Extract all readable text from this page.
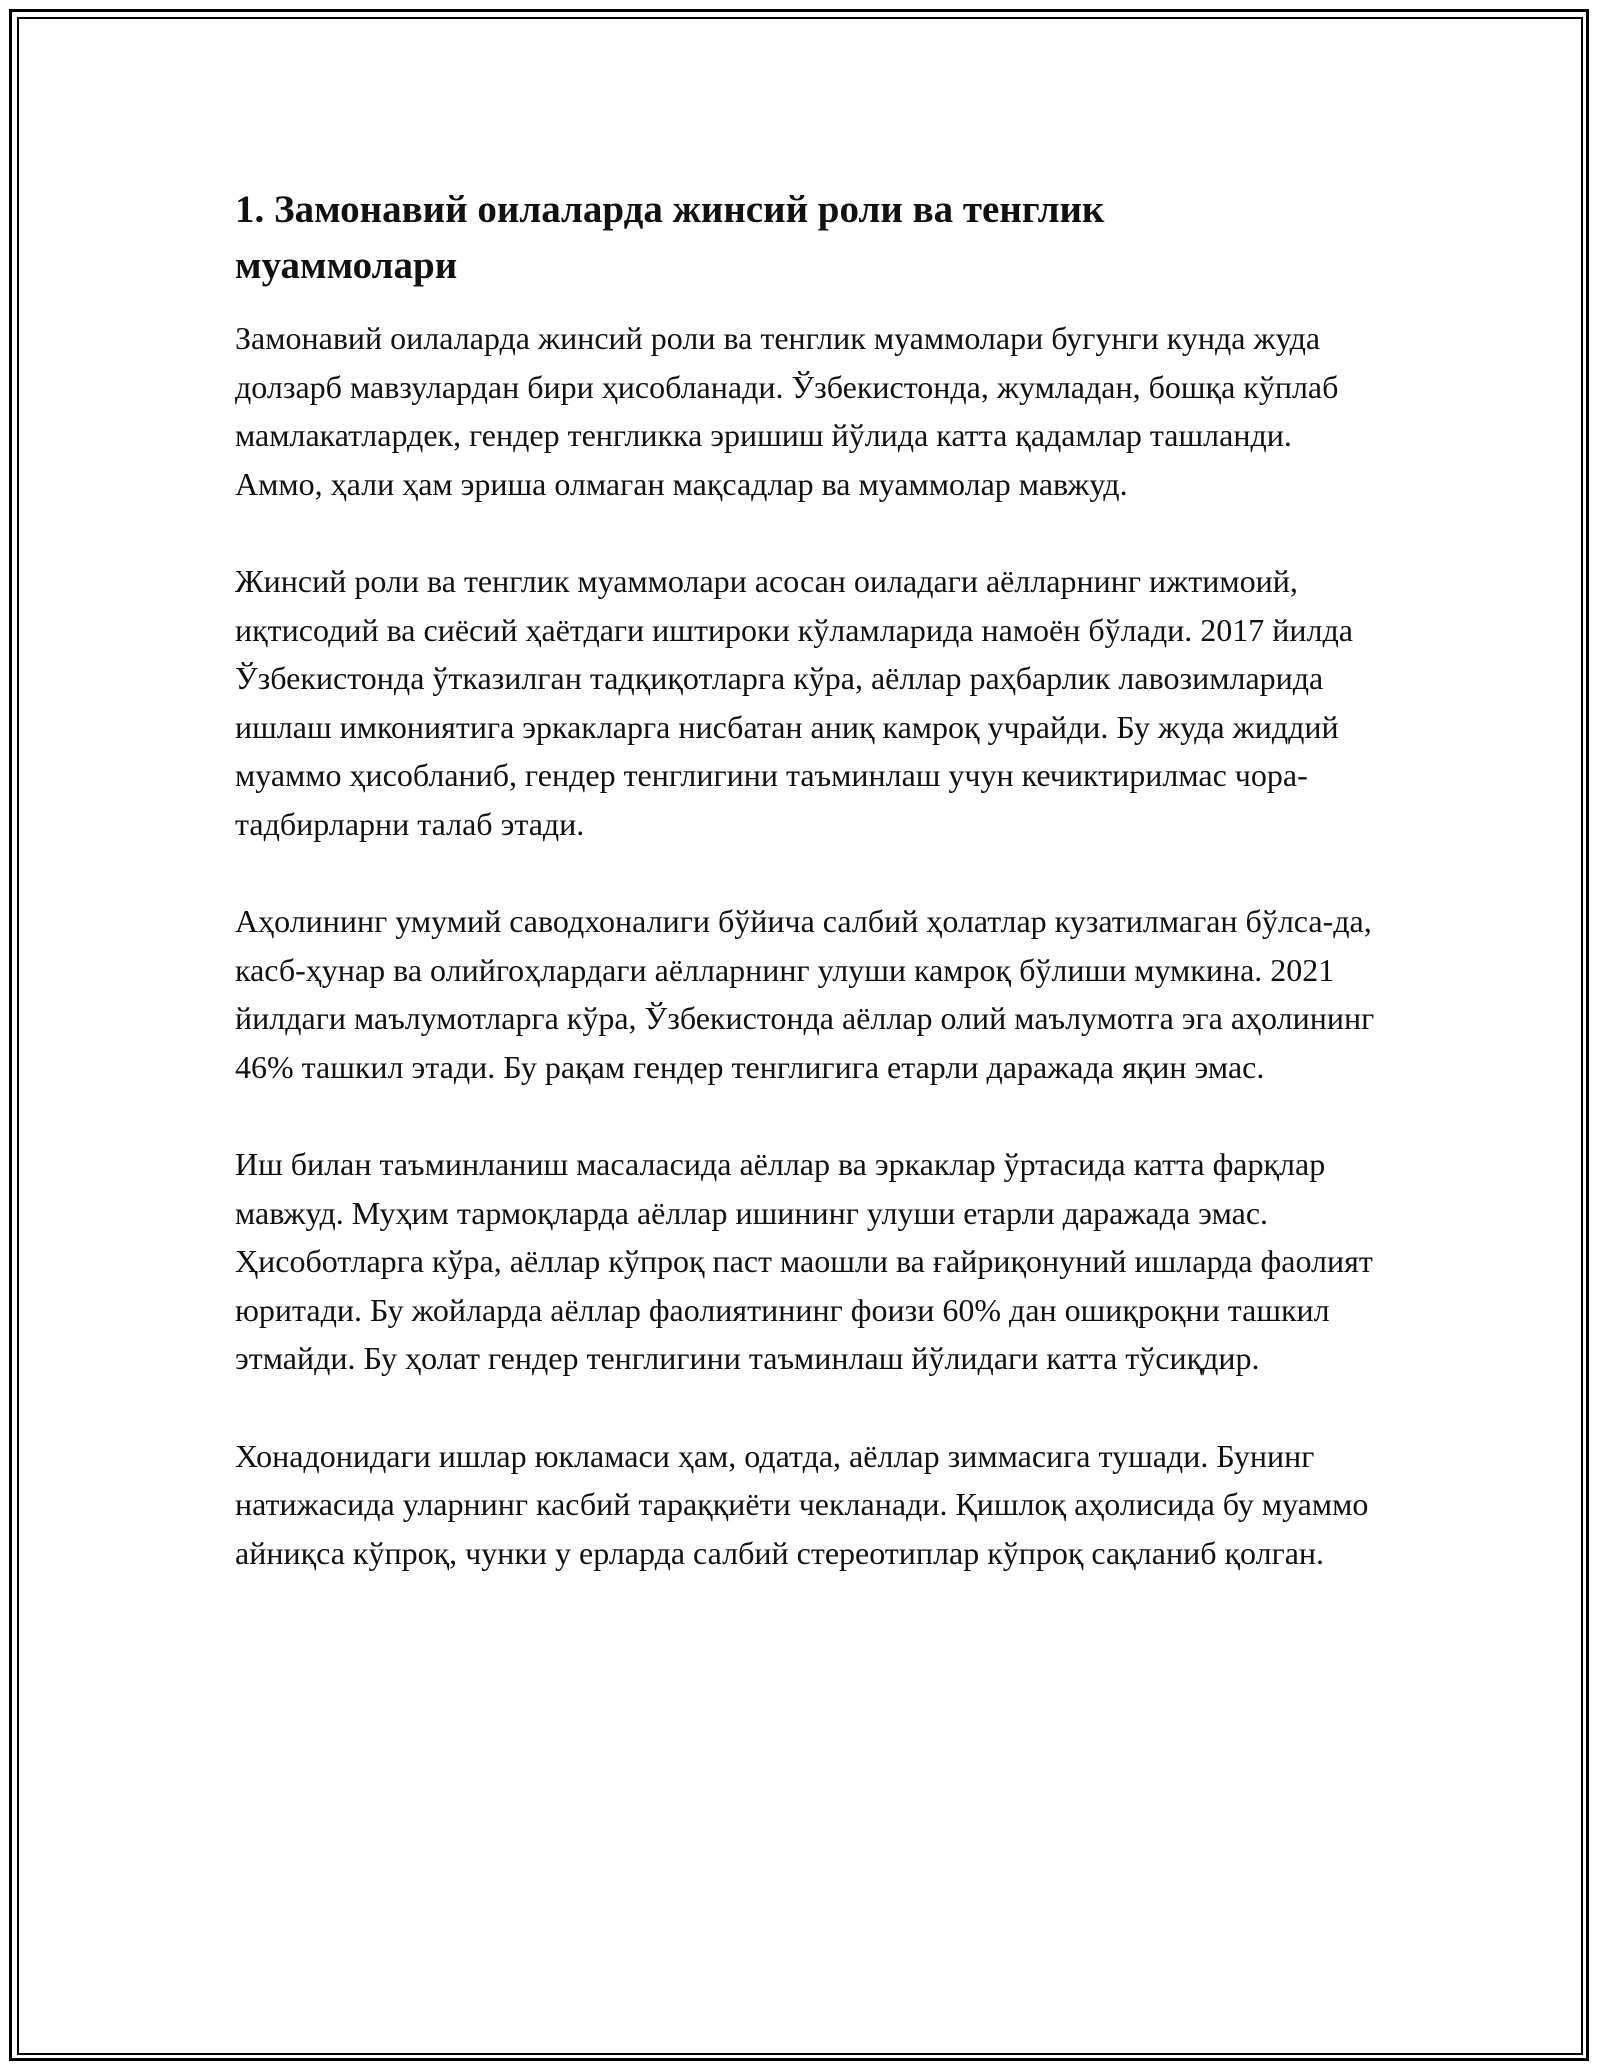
1. Замонавий оилаларда жинсий роли ва тенглик муаммолари

Замонавий оилаларда жинсий роли ва тенглик муаммолари бугунги кунда жуда долзарб мавзулардан бири ҳисобланади. Ўзбекистонда, жумладан, бошқа кўплаб мамлакатлардек, гендер тенгликка эришиш йўлида катта қадамлар ташланди. Аммо, ҳали ҳам эриша олмаган мақсадлар ва муаммолар мавжуд.

Жинсий роли ва тенглик муаммолари асосан оиладаги аёлларнинг ижтимоий, иқтисодий ва сиёсий ҳаётдаги иштироки кўламларида намоён бўлади. 2017 йилда Ўзбекистонда ўтказилган тадқиқотларга кўра, аёллар раҳбарлик лавозимларида ишлаш имкониятига эркакларга нисбатан аниқ камроқ учрайди. Бу жуда жиддий муаммо ҳисобланиб, гендер тенглигини таъминлаш учун кечиктирилмас чора-тадбирларни талаб этади.

Аҳолининг умумий саводхоналиги бўйича салбий ҳолатлар кузатилмаган бўлса-да, касб-ҳунар ва олийгоҳлардаги аёлларнинг улуши камроқ бўлиши мумкина. 2021 йилдаги маълумотларга кўра, Ўзбекистонда аёллар олий маълумотга эга аҳолининг 46% ташкил этади. Бу рақам гендер тенглигига етарли даражада яқин эмас.

Иш билан таъминланиш масаласида аёллар ва эркаклар ўртасида катта фарқлар мавжуд. Муҳим тармоқларда аёллар ишининг улуши етарли даражада эмас. Ҳисоботларга кўра, аёллар кўпроқ паст маошли ва ғайриқонуний ишларда фаолият юритади. Бу жойларда аёллар фаолиятининг фоизи 60% дан ошиқроқни ташкил этмайди. Бу ҳолат гендер тенглигини таъминлаш йўлидаги катта тўсиқдир.

Хонадонидаги ишлар юкламаси ҳам, одатда, аёллар зиммасига тушади. Бунинг натижасида уларнинг касбий тараққиёти чекланади. Қишлоқ аҳолисида бу муаммо айниқса кўпроқ, чунки у ерларда салбий стереотиплар кўпроқ сақланиб қолган.
